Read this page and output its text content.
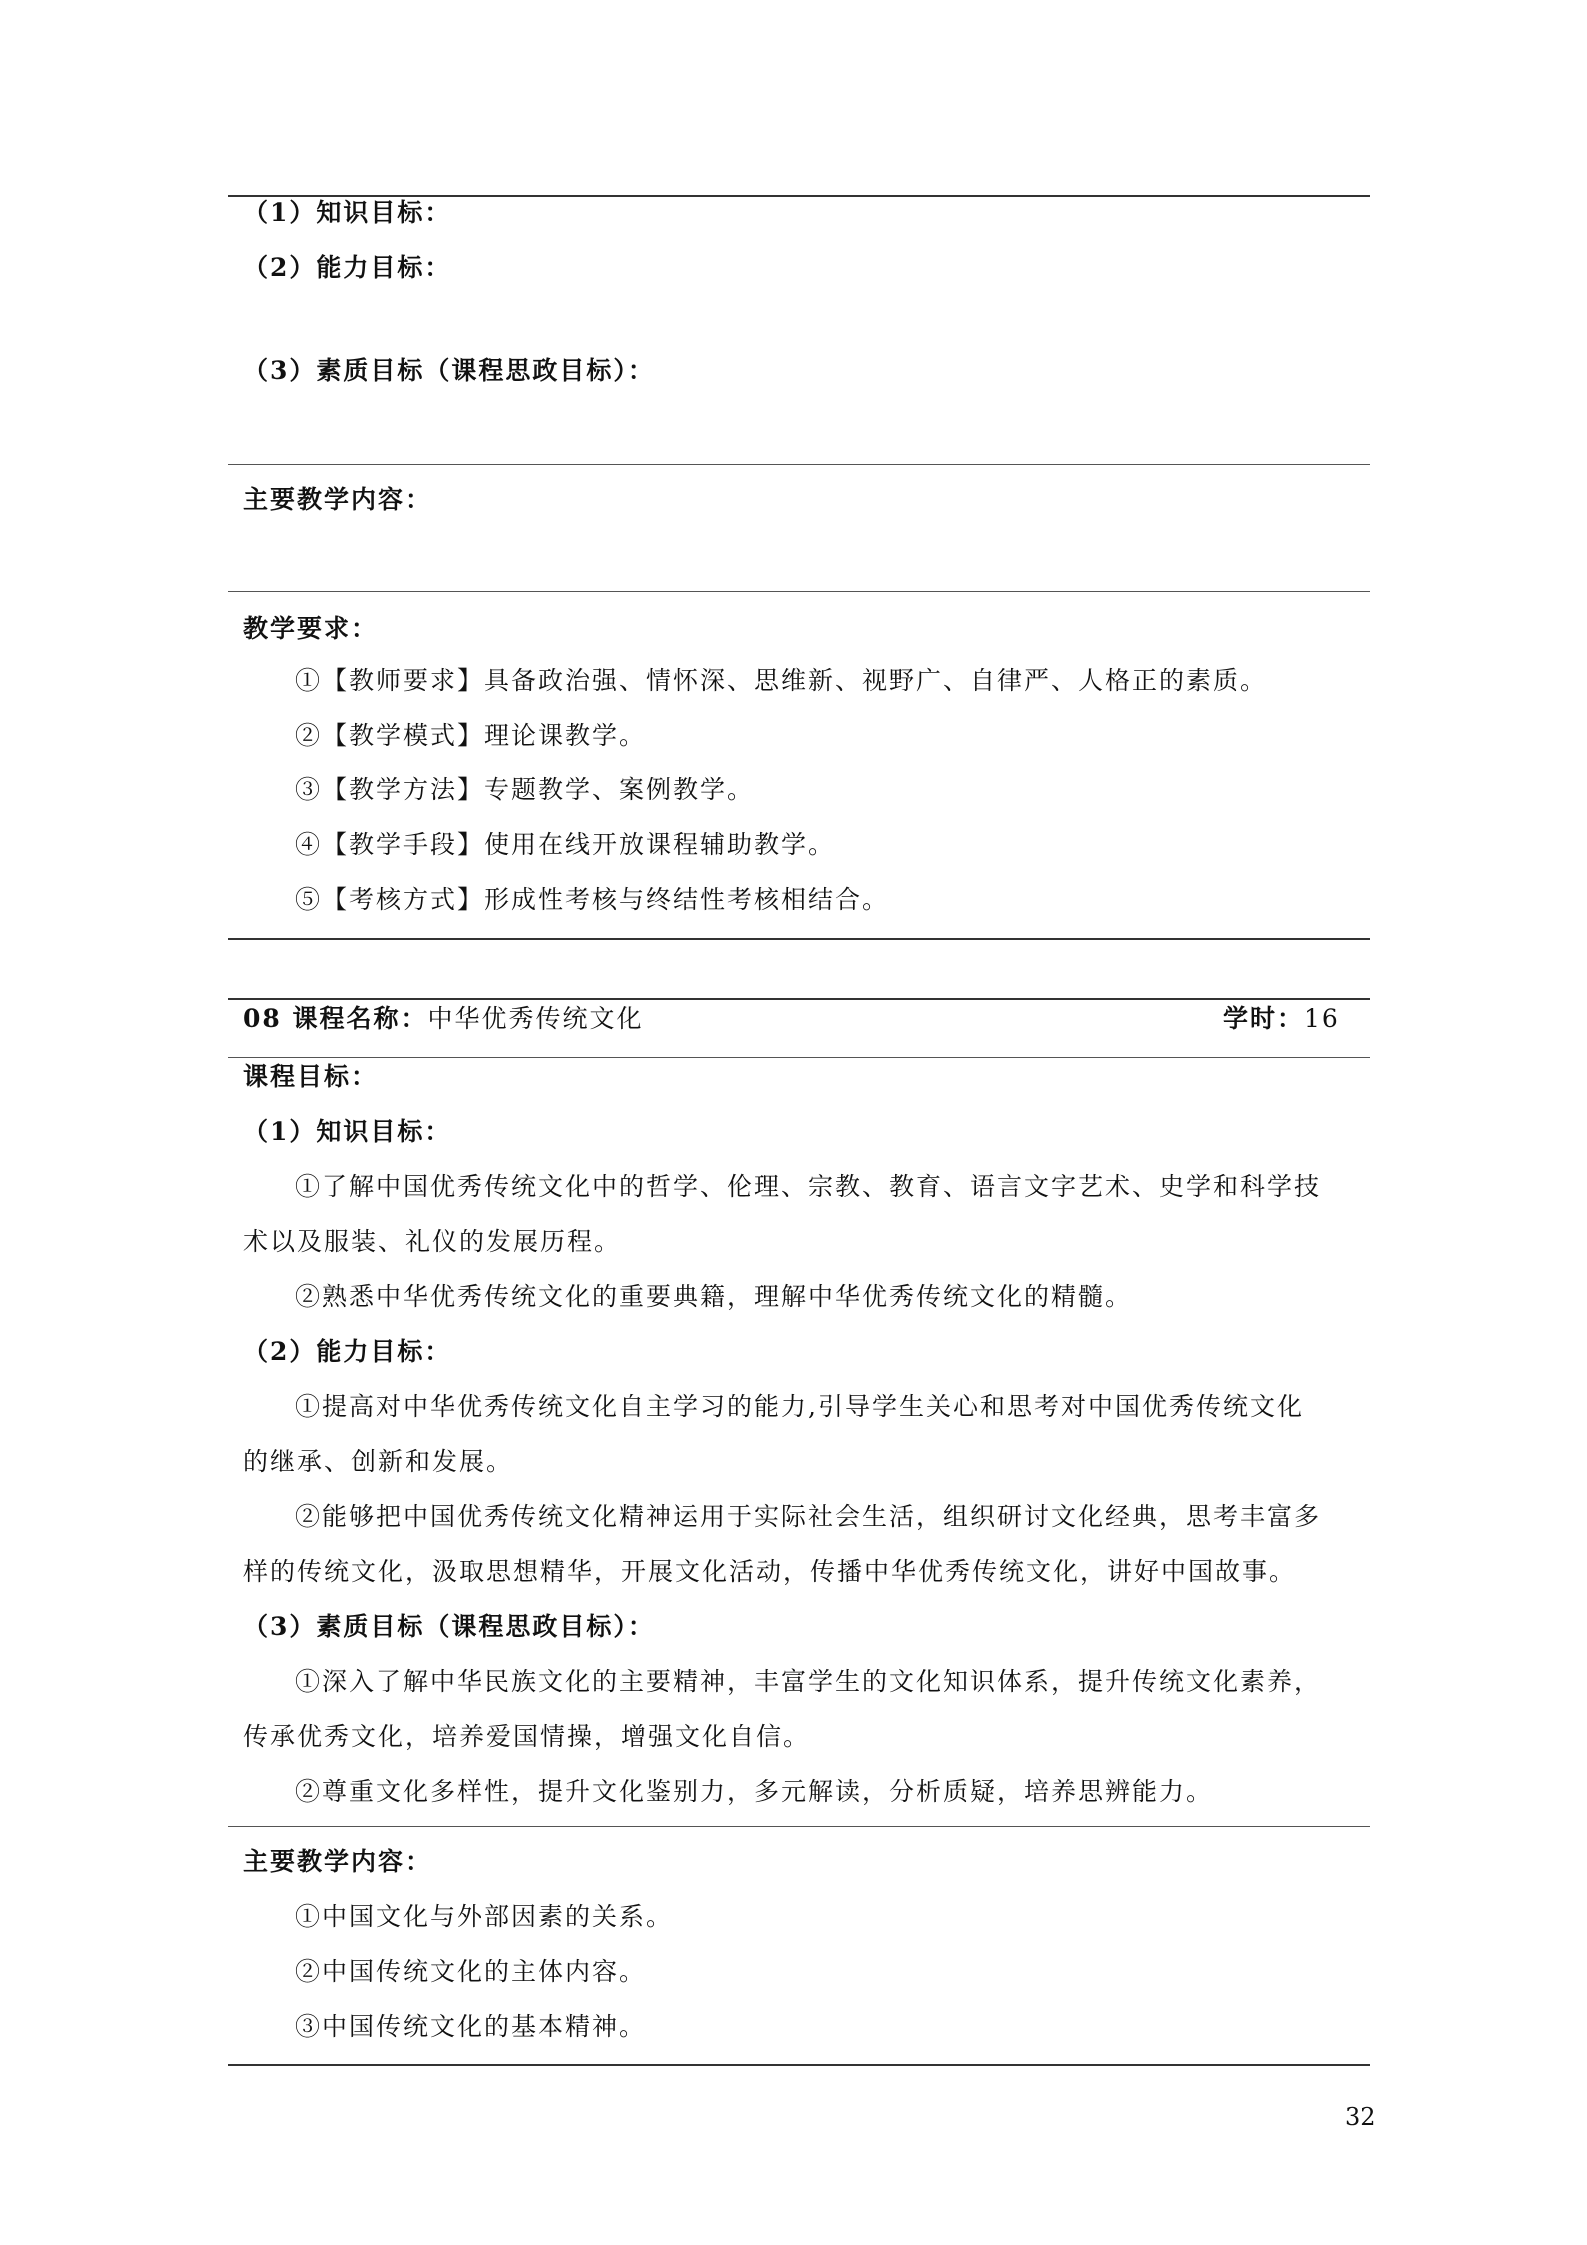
（1）知识目标：
（2）能力目标：
（3）素质目标（课程思政目标）：
主要教学内容：
教学要求：
①【教师要求】具备政治强、情怀深、思维新、视野广、自律严、人格正的素质。
②【教学模式】理论课教学。
③【教学方法】专题教学、案例教学。
④【教学手段】使用在线开放课程辅助教学。
⑤【考核方式】形成性考核与终结性考核相结合。
08 课程名称：中华优秀传统文化	学时：16
课程目标：
（1）知识目标：
①了解中国优秀传统文化中的哲学、伦理、宗教、教育、语言文字艺术、史学和科学技
术以及服装、礼仪的发展历程。
②熟悉中华优秀传统文化的重要典籍，理解中华优秀传统文化的精髓。
（2）能力目标：
①提高对中华优秀传统文化自主学习的能力,引导学生关心和思考对中国优秀传统文化
的继承、创新和发展。
②能够把中国优秀传统文化精神运用于实际社会生活，组织研讨文化经典，思考丰富多
样的传统文化，汲取思想精华，开展文化活动，传播中华优秀传统文化，讲好中国故事。
（3）素质目标（课程思政目标）：
①深入了解中华民族文化的主要精神，丰富学生的文化知识体系，提升传统文化素养，
传承优秀文化，培养爱国情操，增强文化自信。
②尊重文化多样性，提升文化鉴别力，多元解读，分析质疑，培养思辨能力。
主要教学内容：
①中国文化与外部因素的关系。
②中国传统文化的主体内容。
③中国传统文化的基本精神。
32
